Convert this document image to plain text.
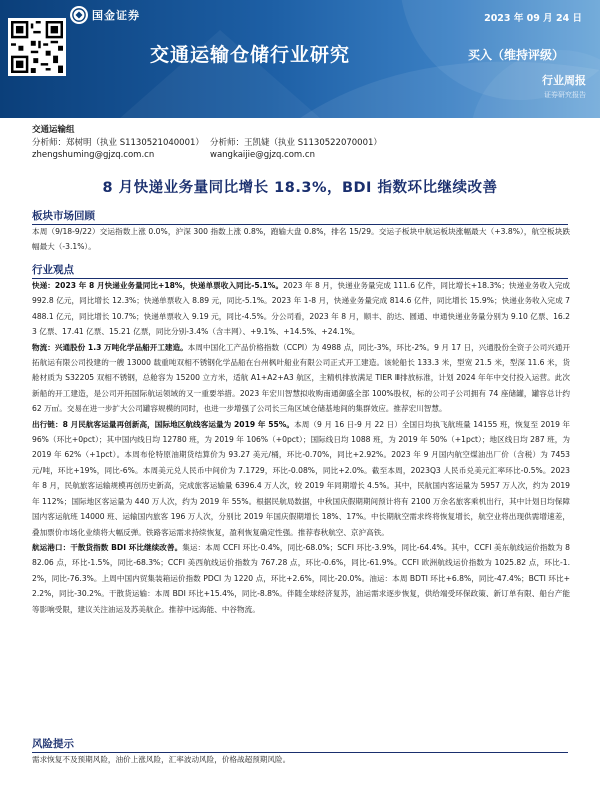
国金证券	2023 年 09 月 24 日
交通运输仓储行业研究	买入（维持评级）
行业周报
证券研究报告
交通运输组
分析师：郑树明（执业 S1130521040001）
zhengshuming@gjzq.com.cn
分析师：王凯婕（执业 S1130522070001）
wangkaijie@gjzq.com.cn
8 月快递业务量同比增长 18.3%，BDI 指数环比继续改善
板块市场回顾
本周（9/18-9/22）交运指数上涨 0.0%，沪深 300 指数上涨 0.8%，跑输大盘 0.8%，排名 15/29。交运子板块中航运板块涨幅最大（+3.8%），航空板块跌幅最大（-3.1%）。
行业观点
快递：2023 年 8 月快递业务量同比+18%，快递单票收入同比-5.1%。2023 年 8 月，快递业务量完成 111.6 亿件，同比增长+18.3%；快递业务收入完成 992.8 亿元，同比增长 12.3%；快递单票收入 8.89 元，同比-5.1%。2023 年 1-8 月，快递业务量完成 814.6 亿件，同比增长 15.9%；快递业务收入完成 7488.1 亿元，同比增长 10.7%；快递单票收入 9.19 元，同比-4.5%。分公司看，2023 年 8 月，顺丰、韵达、圆通、申通快递业务量分别为 9.10 亿票、16.23 亿票、17.41 亿票、15.21 亿票，同比分别-3.4%（含丰网）、+9.1%、+14.5%、+24.1%。
物流：兴通股份 1.3 万吨化学品船开工建造。本周中国化工产品价格指数（CCPI）为 4988 点，同比-3%，环比-2%。9 月 17 日，兴通股份全资子公司兴通开拓航运有限公司投建的一艘 13000 载重吨双相不锈钢化学品船在台州枫叶船业有限公司正式开工建造。该轮船长 133.3 米，型宽 21.5 米，型深 11.6 米，货舱材质为 S32205 双相不锈钢，总舱容为 15200 立方米，适航 A1+A2+A3 航区，主精机排放满足 TIER Ⅲ排放标准，计划 2024 年年中交付投入运营。此次新船的开工建造，是公司开拓国际航运领域的又一重要举措。2023 年宏川智慧拟收购南通御盛全部 100%股权，标的公司子公司拥有 74 座储罐，罐容总计约 62 万㎡。交易在进一步扩大公司罐容规模的同时，也进一步增强了公司长三角区域仓储基地间的集群效应。推荐宏川智慧。
出行链：8 月民航客运量再创新高，国际地区航线客运量为 2019 年 55%。本周（9 月 16 日-9 月 22 日）全国日均执飞航班量 14155 班，恢复至 2019 年 96%（环比+0pct）；其中国内线日均 12780 班，为 2019 年 106%（+0pct）；国际线日均 1088 班，为 2019 年 50%（+1pct）；地区线日均 287 班，为 2019 年 62%（+1pct）。本周布伦特原油期货结算价为 93.27 美元/桶，环比-0.70%，同比+2.92%。2023 年 9 月国内航空煤油出厂价（含税）为 7453 元/吨，环比+19%，同比-6%。本周美元兑人民币中间价为 7.1729，环比-0.08%，同比+2.0%。截至本周，2023Q3 人民币兑美元汇率环比-0.5%。2023 年 8 月，民航旅客运输规模再创历史新高，完成旅客运输量 6396.4 万人次，较 2019 年同期增长 4.5%。其中，民航国内客运量为 5957 万人次，约为 2019 年 112%；国际地区客运量为 440 万人次，约为 2019 年 55%。根据民航局数据，中秋国庆假期期间预计将有 2100 万余名旅客乘机出行，其中计划日均保障国内客运航班 14000 班、运输国内旅客 196 万人次，分别比 2019 年国庆假期增长 18%、17%。中长期航空需求终将恢复增长，航空业将出现供需增速差，叠加票价市场化业绩将大幅反弹。铁路客运需求持续恢复，盈利恢复确定性强。推荐春秋航空、京沪高铁。
航运港口：干散货指数 BDI 环比继续改善。集运：本周 CCFI 环比-0.4%，同比-68.0%；SCFI 环比-3.9%，同比-64.4%。其中，CCFI 美东航线运价指数为 882.06 点，环比-1.5%，同比-68.3%；CCFI 美西航线运价指数为 767.28 点，环比-0.6%，同比-61.9%。CCFI 欧洲航线运价指数为 1025.82 点，环比-1.2%，同比-76.3%。上周中国内贸集装箱运价指数 PDCI 为 1220 点，环比+2.6%，同比-20.0%。油运：本周 BDTI 环比+6.8%，同比-47.4%；BCTI 环比+2.2%，同比-30.2%。干散货运输：本周 BDI 环比+15.4%，同比-8.8%。伴随全球经济复苏，油运需求逐步恢复，供给端受环保政策、新订单有限、船台产能等影响受限，建议关注油运及苏美航企。推荐中远海能、中谷物流。
风险提示
需求恢复不及预期风险，油价上涨风险，汇率波动风险，价格战超预期风险。
